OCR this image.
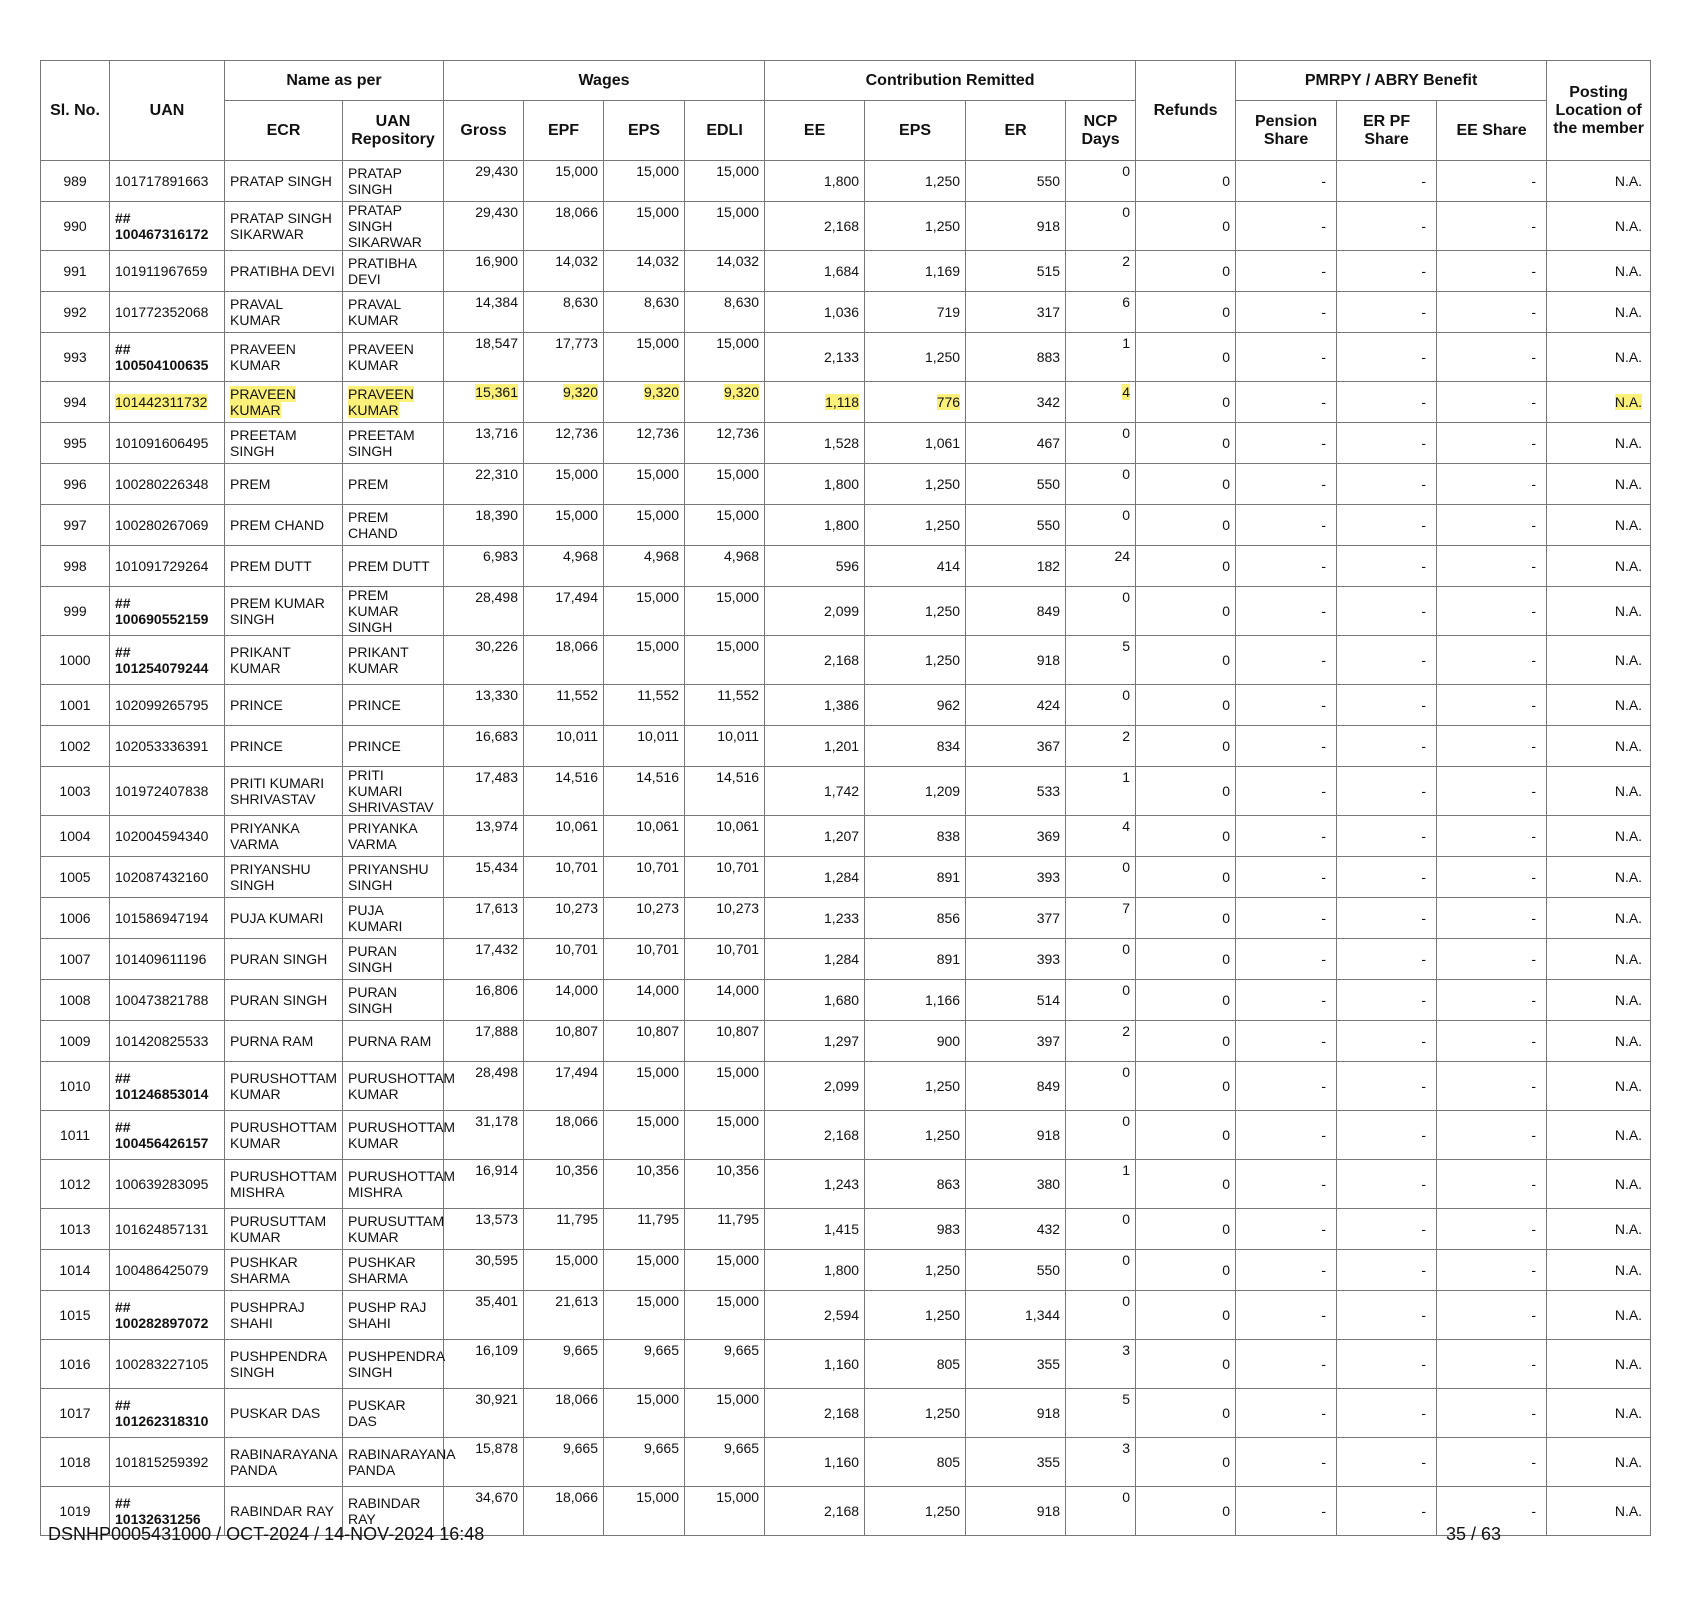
Sl. No.	UAN	Name as per		Wages				Contribution Remitted				Refunds	PMRPY / ABRY Benefit			Posting Location of the member
		ECR	UAN Repository	Gross	EPF	EPS	EDLI	EE	EPS	ER	NCP Days		Pension Share	ER PF Share	EE Share	
989	101717891663	PRATAP SINGH	PRATAP SINGH	29,430	15,000	15,000	15,000	1,800	1,250	550	0	0	-	-	-	N.A.
990	## 100467316172	PRATAP SINGH SIKARWAR	PRATAP SINGH SIKARWAR	29,430	18,066	15,000	15,000	2,168	1,250	918	0	0	-	-	-	N.A.
991	101911967659	PRATIBHA DEVI	PRATIBHA DEVI	16,900	14,032	14,032	14,032	1,684	1,169	515	2	0	-	-	-	N.A.
992	101772352068	PRAVAL KUMAR	PRAVAL KUMAR	14,384	8,630	8,630	8,630	1,036	719	317	6	0	-	-	-	N.A.
993	## 100504100635	PRAVEEN KUMAR	PRAVEEN KUMAR	18,547	17,773	15,000	15,000	2,133	1,250	883	1	0	-	-	-	N.A.
994	101442311732	PRAVEEN KUMAR	PRAVEEN KUMAR	15,361	9,320	9,320	9,320	1,118	776	342	4	0	-	-	-	N.A.
995	101091606495	PREETAM SINGH	PREETAM SINGH	13,716	12,736	12,736	12,736	1,528	1,061	467	0	0	-	-	-	N.A.
996	100280226348	PREM	PREM	22,310	15,000	15,000	15,000	1,800	1,250	550	0	0	-	-	-	N.A.
997	100280267069	PREM CHAND	PREM CHAND	18,390	15,000	15,000	15,000	1,800	1,250	550	0	0	-	-	-	N.A.
998	101091729264	PREM DUTT	PREM DUTT	6,983	4,968	4,968	4,968	596	414	182	24	0	-	-	-	N.A.
999	## 100690552159	PREM KUMAR SINGH	PREM KUMAR SINGH	28,498	17,494	15,000	15,000	2,099	1,250	849	0	0	-	-	-	N.A.
1000	## 101254079244	PRIKANT KUMAR	PRIKANT KUMAR	30,226	18,066	15,000	15,000	2,168	1,250	918	5	0	-	-	-	N.A.
1001	102099265795	PRINCE	PRINCE	13,330	11,552	11,552	11,552	1,386	962	424	0	0	-	-	-	N.A.
1002	102053336391	PRINCE	PRINCE	16,683	10,011	10,011	10,011	1,201	834	367	2	0	-	-	-	N.A.
1003	101972407838	PRITI KUMARI SHRIVASTAV	PRITI KUMARI SHRIVASTAV	17,483	14,516	14,516	14,516	1,742	1,209	533	1	0	-	-	-	N.A.
1004	102004594340	PRIYANKA VARMA	PRIYANKA VARMA	13,974	10,061	10,061	10,061	1,207	838	369	4	0	-	-	-	N.A.
1005	102087432160	PRIYANSHU SINGH	PRIYANSHU SINGH	15,434	10,701	10,701	10,701	1,284	891	393	0	0	-	-	-	N.A.
1006	101586947194	PUJA KUMARI	PUJA KUMARI	17,613	10,273	10,273	10,273	1,233	856	377	7	0	-	-	-	N.A.
1007	101409611196	PURAN SINGH	PURAN SINGH	17,432	10,701	10,701	10,701	1,284	891	393	0	0	-	-	-	N.A.
1008	100473821788	PURAN SINGH	PURAN SINGH	16,806	14,000	14,000	14,000	1,680	1,166	514	0	0	-	-	-	N.A.
1009	101420825533	PURNA RAM	PURNA RAM	17,888	10,807	10,807	10,807	1,297	900	397	2	0	-	-	-	N.A.
1010	## 101246853014	PURUSHOTTAM KUMAR	PURUSHOTTAM KUMAR	28,498	17,494	15,000	15,000	2,099	1,250	849	0	0	-	-	-	N.A.
1011	## 100456426157	PURUSHOTTAM KUMAR	PURUSHOTTAM KUMAR	31,178	18,066	15,000	15,000	2,168	1,250	918	0	0	-	-	-	N.A.
1012	100639283095	PURUSHOTTAM MISHRA	PURUSHOTTAM MISHRA	16,914	10,356	10,356	10,356	1,243	863	380	1	0	-	-	-	N.A.
1013	101624857131	PURUSUTTAM KUMAR	PURUSUTTAM KUMAR	13,573	11,795	11,795	11,795	1,415	983	432	0	0	-	-	-	N.A.
1014	100486425079	PUSHKAR SHARMA	PUSHKAR SHARMA	30,595	15,000	15,000	15,000	1,800	1,250	550	0	0	-	-	-	N.A.
1015	## 100282897072	PUSHPRAJ SHAHI	PUSHP RAJ SHAHI	35,401	21,613	15,000	15,000	2,594	1,250	1,344	0	0	-	-	-	N.A.
1016	100283227105	PUSHPENDRA SINGH	PUSHPENDRA SINGH	16,109	9,665	9,665	9,665	1,160	805	355	3	0	-	-	-	N.A.
1017	## 101262318310	PUSKAR DAS	PUSKAR DAS	30,921	18,066	15,000	15,000	2,168	1,250	918	5	0	-	-	-	N.A.
1018	101815259392	RABINARAYANA PANDA	RABINARAYANA PANDA	15,878	9,665	9,665	9,665	1,160	805	355	3	0	-	-	-	N.A.
1019	## 10132631256	RABINDAR RAY	RABINDAR RAY	34,670	18,066	15,000	15,000	2,168	1,250	918	0	0	-	-	-	N.A.
DSNHP0005431000 / OCT-2024 / 14-NOV-2024 16:48	35 / 63
